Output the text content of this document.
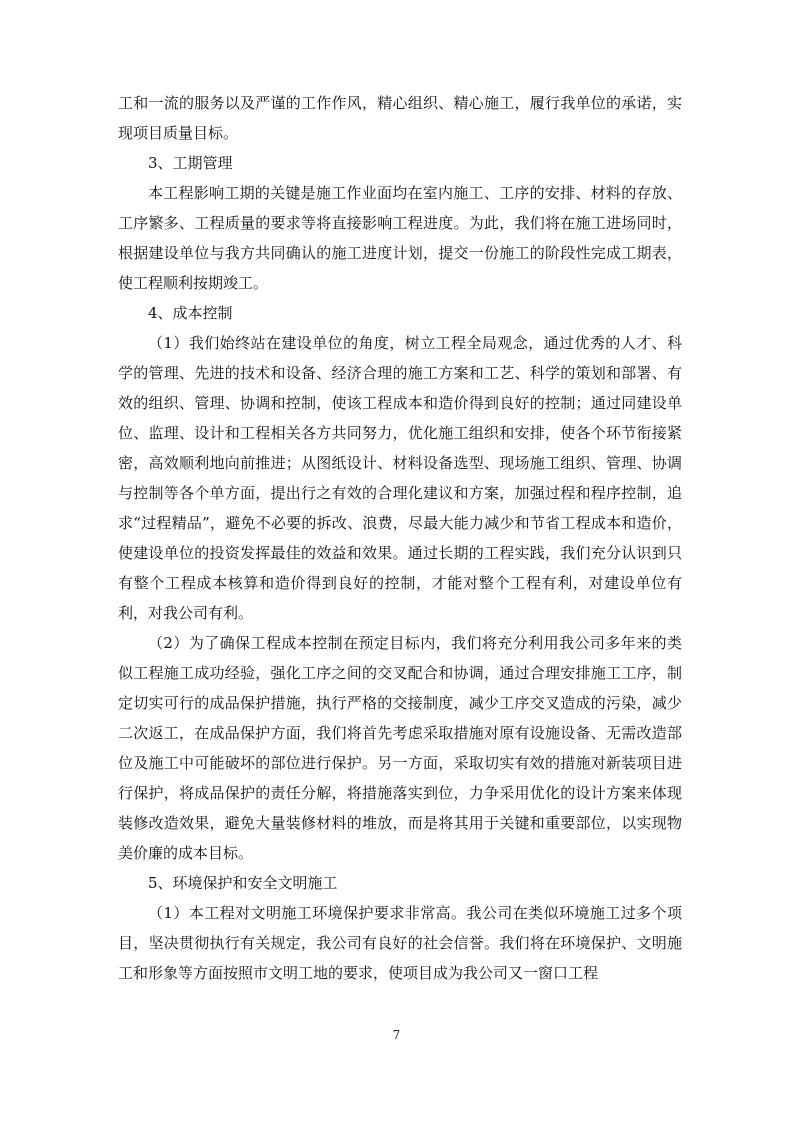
工和一流的服务以及严谨的工作作风，精心组织、精心施工，履行我单位的承诺，实现项目质量目标。

3、工期管理

本工程影响工期的关键是施工作业面均在室内施工、工序的安排、材料的存放、工序繁多、工程质量的要求等将直接影响工程进度。为此，我们将在施工进场同时，根据建设单位与我方共同确认的施工进度计划，提交一份施工的阶段性完成工期表，使工程顺利按期竣工。

4、成本控制

（1）我们始终站在建设单位的角度，树立工程全局观念，通过优秀的人才、科学的管理、先进的技术和设备、经济合理的施工方案和工艺、科学的策划和部署、有效的组织、管理、协调和控制，使该工程成本和造价得到良好的控制；通过同建设单位、监理、设计和工程相关各方共同努力，优化施工组织和安排，使各个环节衔接紧密，高效顺利地向前推进；从图纸设计、材料设备选型、现场施工组织、管理、协调与控制等各个单方面，提出行之有效的合理化建议和方案，加强过程和程序控制，追求“过程精品”，避免不必要的拆改、浪费，尽最大能力减少和节省工程成本和造价，使建设单位的投资发挥最佳的效益和效果。通过长期的工程实践，我们充分认识到只有整个工程成本核算和造价得到良好的控制，才能对整个工程有利，对建设单位有利，对我公司有利。

（2）为了确保工程成本控制在预定目标内，我们将充分利用我公司多年来的类似工程施工成功经验，强化工序之间的交叉配合和协调，通过合理安排施工工序，制定切实可行的成品保护措施，执行严格的交接制度，减少工序交叉造成的污染，减少二次返工，在成品保护方面，我们将首先考虑采取措施对原有设施设备、无需改造部位及施工中可能破坏的部位进行保护。另一方面，采取切实有效的措施对新装项目进行保护，将成品保护的责任分解，将措施落实到位，力争采用优化的设计方案来体现装修改造效果，避免大量装修材料的堆放，而是将其用于关键和重要部位，以实现物美价廉的成本目标。

5、环境保护和安全文明施工

（1）本工程对文明施工环境保护要求非常高。我公司在类似环境施工过多个项目，坚决贯彻执行有关规定，我公司有良好的社会信誉。我们将在环境保护、文明施工和形象等方面按照市文明工地的要求，使项目成为我公司又一窗口工程

7
